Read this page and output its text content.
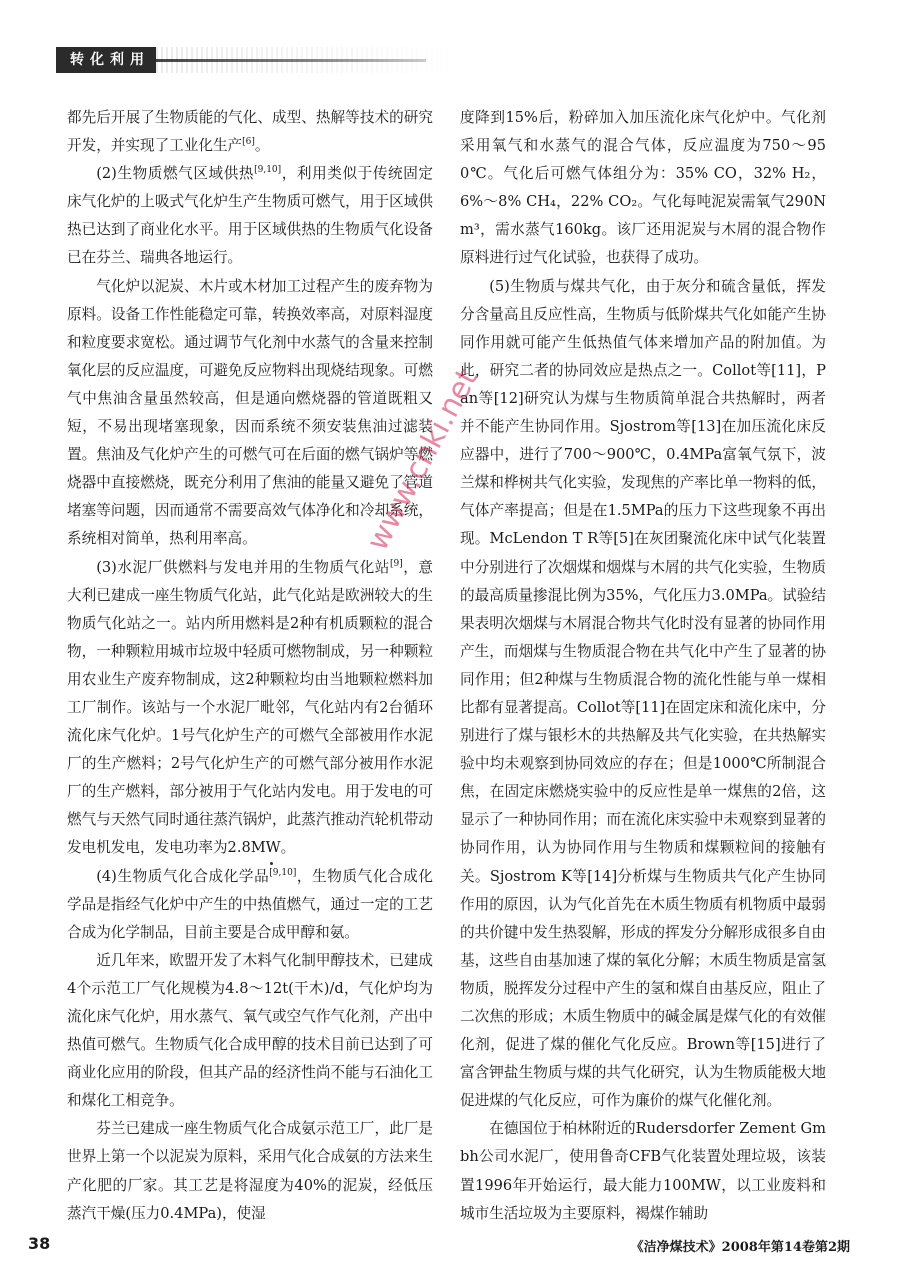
转化利用

都先后开展了生物质能的气化、成型、热解等技术的研究开发，并实现了工业化生产[6]。

(2)生物质燃气区域供热[9,10]，利用类似于传统固定床气化炉的上吸式气化炉生产生物质可燃气，用于区域供热已达到了商业化水平。用于区域供热的生物质气化设备已在芬兰、瑞典各地运行。

气化炉以泥炭、木片或木材加工过程产生的废弃物为原料。设备工作性能稳定可靠，转换效率高，对原料湿度和粒度要求宽松。通过调节气化剂中水蒸气的含量来控制氧化层的反应温度，可避免反应物料出现烧结现象。可燃气中焦油含量虽然较高，但是通向燃烧器的管道既粗又短，不易出现堵塞现象，因而系统不须安装焦油过滤装置。焦油及气化炉产生的可燃气可在后面的燃气锅炉等燃烧器中直接燃烧，既充分利用了焦油的能量又避免了管道堵塞等问题，因而通常不需要高效气体净化和冷却系统，系统相对简单，热利用率高。

(3)水泥厂供燃料与发电并用的生物质气化站[9]，意大利已建成一座生物质气化站，此气化站是欧洲较大的生物质气化站之一。站内所用燃料是2种有机质颗粒的混合物，一种颗粒用城市垃圾中轻质可燃物制成，另一种颗粒用农业生产废弃物制成，这2种颗粒均由当地颗粒燃料加工厂制作。该站与一个水泥厂毗邻，气化站内有2台循环流化床气化炉。1号气化炉生产的可燃气全部被用作水泥厂的生产燃料；2号气化炉生产的可燃气部分被用作水泥厂的生产燃料，部分被用于气化站内发电。用于发电的可燃气与天然气同时通往蒸汽锅炉，此蒸汽推动汽轮机带动发电机发电，发电功率为2.8MW。

(4)生物质气化合成化学品[9,10]，生物质气化合成化学品是指经气化炉中产生的中热值燃气，通过一定的工艺合成为化学制品，目前主要是合成甲醇和氨。

近几年来，欧盟开发了木料气化制甲醇技术，已建成4个示范工厂气化规模为4.8～12t(干木)/d，气化炉均为流化床气化炉，用水蒸气、氧气或空气作气化剂，产出中热值可燃气。生物质气化合成甲醇的技术目前已达到了可商业化应用的阶段，但其产品的经济性尚不能与石油化工和煤化工相竞争。

芬兰已建成一座生物质气化合成氨示范工厂，此厂是世界上第一个以泥炭为原料，采用气化合成氨的方法来生产化肥的厂家。其工艺是将湿度为40%的泥炭，经低压蒸汽干燥(压力0.4MPa)，使湿

度降到15%后，粉碎加入加压流化床气化炉中。气化剂采用氧气和水蒸气的混合气体，反应温度为750～950℃。气化后可燃气体组分为：35% CO，32% H₂，6%～8% CH₄，22% CO₂。气化每吨泥炭需氧气290Nm³，需水蒸气160kg。该厂还用泥炭与木屑的混合物作原料进行过气化试验，也获得了成功。

(5)生物质与煤共气化，由于灰分和硫含量低，挥发分含量高且反应性高，生物质与低阶煤共气化如能产生协同作用就可能产生低热值气体来增加产品的附加值。为此，研究二者的协同效应是热点之一。Collot等[11]，Pan等[12]研究认为煤与生物质简单混合共热解时，两者并不能产生协同作用。Sjostrom等[13]在加压流化床反应器中，进行了700～900℃，0.4MPa富氧气氛下，波兰煤和桦树共气化实验，发现焦的产率比单一物料的低，气体产率提高；但是在1.5MPa的压力下这些现象不再出现。McLendon T R等[5]在灰团聚流化床中试气化装置中分别进行了次烟煤和烟煤与木屑的共气化实验，生物质的最高质量掺混比例为35%，气化压力3.0MPa。试验结果表明次烟煤与木屑混合物共气化时没有显著的协同作用产生，而烟煤与生物质混合物在共气化中产生了显著的协同作用；但2种煤与生物质混合物的流化性能与单一煤相比都有显著提高。Collot等[11]在固定床和流化床中，分别进行了煤与银杉木的共热解及共气化实验，在共热解实验中均未观察到协同效应的存在；但是1000℃所制混合焦，在固定床燃烧实验中的反应性是单一煤焦的2倍，这显示了一种协同作用；而在流化床实验中未观察到显著的协同作用，认为协同作用与生物质和煤颗粒间的接触有关。Sjostrom K等[14]分析煤与生物质共气化产生协同作用的原因，认为气化首先在木质生物质有机物质中最弱的共价键中发生热裂解，形成的挥发分分解形成很多自由基，这些自由基加速了煤的氧化分解；木质生物质是富氢物质，脱挥发分过程中产生的氢和煤自由基反应，阻止了二次焦的形成；木质生物质中的碱金属是煤气化的有效催化剂，促进了煤的催化气化反应。Brown等[15]进行了富含钾盐生物质与煤的共气化研究，认为生物质能极大地促进煤的气化反应，可作为廉价的煤气化催化剂。

在德国位于柏林附近的Rudersdorfer Zement Gmbh公司水泥厂，使用鲁奇CFB气化装置处理垃圾，该装置1996年开始运行，最大能力100MW，以工业废料和城市生活垃圾为主要原料，褐煤作辅助

www.cnki.net
38	《洁净煤技术》2008年第14卷第2期
